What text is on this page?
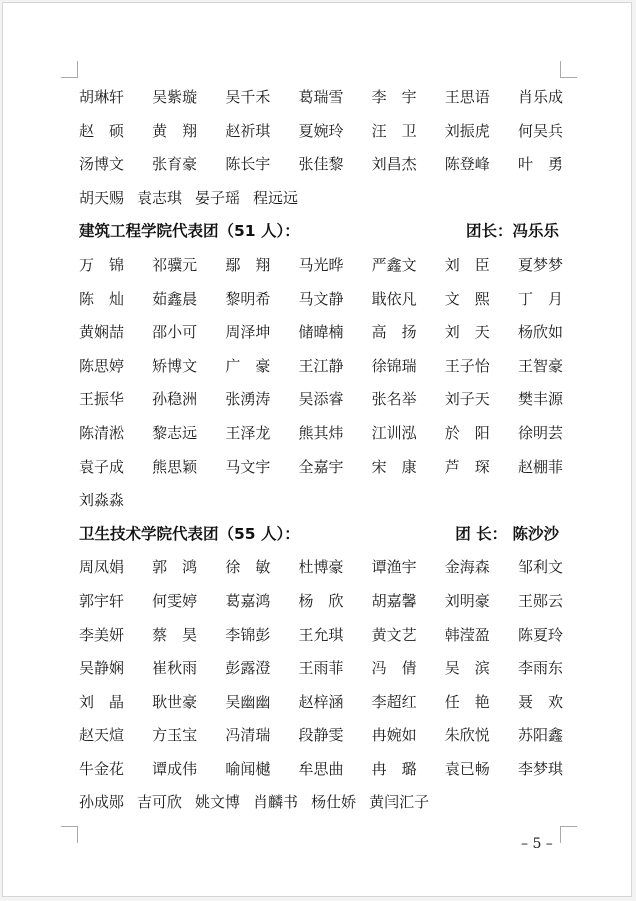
胡琳轩 吴紫璇 吴千禾 葛瑞雪 李　宇 王思语 肖乐成
赵　硕 黄　翔 赵祈琪 夏婉玲 汪　卫 刘振虎 何吴兵
汤博文 张育豪 陈长宇 张佳黎 刘昌杰 陈登峰 叶　勇
胡天赐 袁志琪 晏子瑶 程远远
建筑工程学院代表团（51 人）：	团长：冯乐乐
万　锦 祁骥元 鄢　翔 马光晔 严鑫文 刘　臣 夏梦梦
陈　灿 茹鑫晨 黎明希 马文静 戢依凡 文　熙 丁　月
黄娴喆 邵小可 周泽坤 储暐楠 高　扬 刘　天 杨欣如
陈思婷 矫博文 广　豪 王江静 徐锦瑞 王子怡 王智豪
王振华 孙稳洲 张湧涛 吴添睿 张名举 刘子天 樊丰源
陈清淞 黎志远 王泽龙 熊其炜 江训泓 於　阳 徐明芸
袁子成 熊思颖 马文宇 全嘉宇 宋　康 芦　琛 赵棚菲
刘淼淼
卫生技术学院代表团（55 人）：	团 长： 陈沙沙
周凤娟 郭　鸿 徐　敏 杜博豪 谭渔宇 金海森 邹利文
郭宇轩 何雯婷 葛嘉鸿 杨　欣 胡嘉馨 刘明豪 王郧云
李美妍 蔡　昊 李锦彭 王允琪 黄文艺 韩滢盈 陈夏玲
吴静娴 崔秋雨 彭露澄 王雨菲 冯　倩 吴　滨 李雨东
刘　晶 耿世豪 吴幽幽 赵梓涵 李超红 任　艳 聂　欢
赵天煊 方玉宝 冯清瑞 段静雯 冉婉如 朱欣悦 苏阳鑫
牛金花 谭成伟 喻闻樾 牟思曲 冉　璐 袁已畅 李梦琪
孙成郧 吉可欣 姚文博 肖麟书 杨仕娇 黄闫汇子
– 5 –
